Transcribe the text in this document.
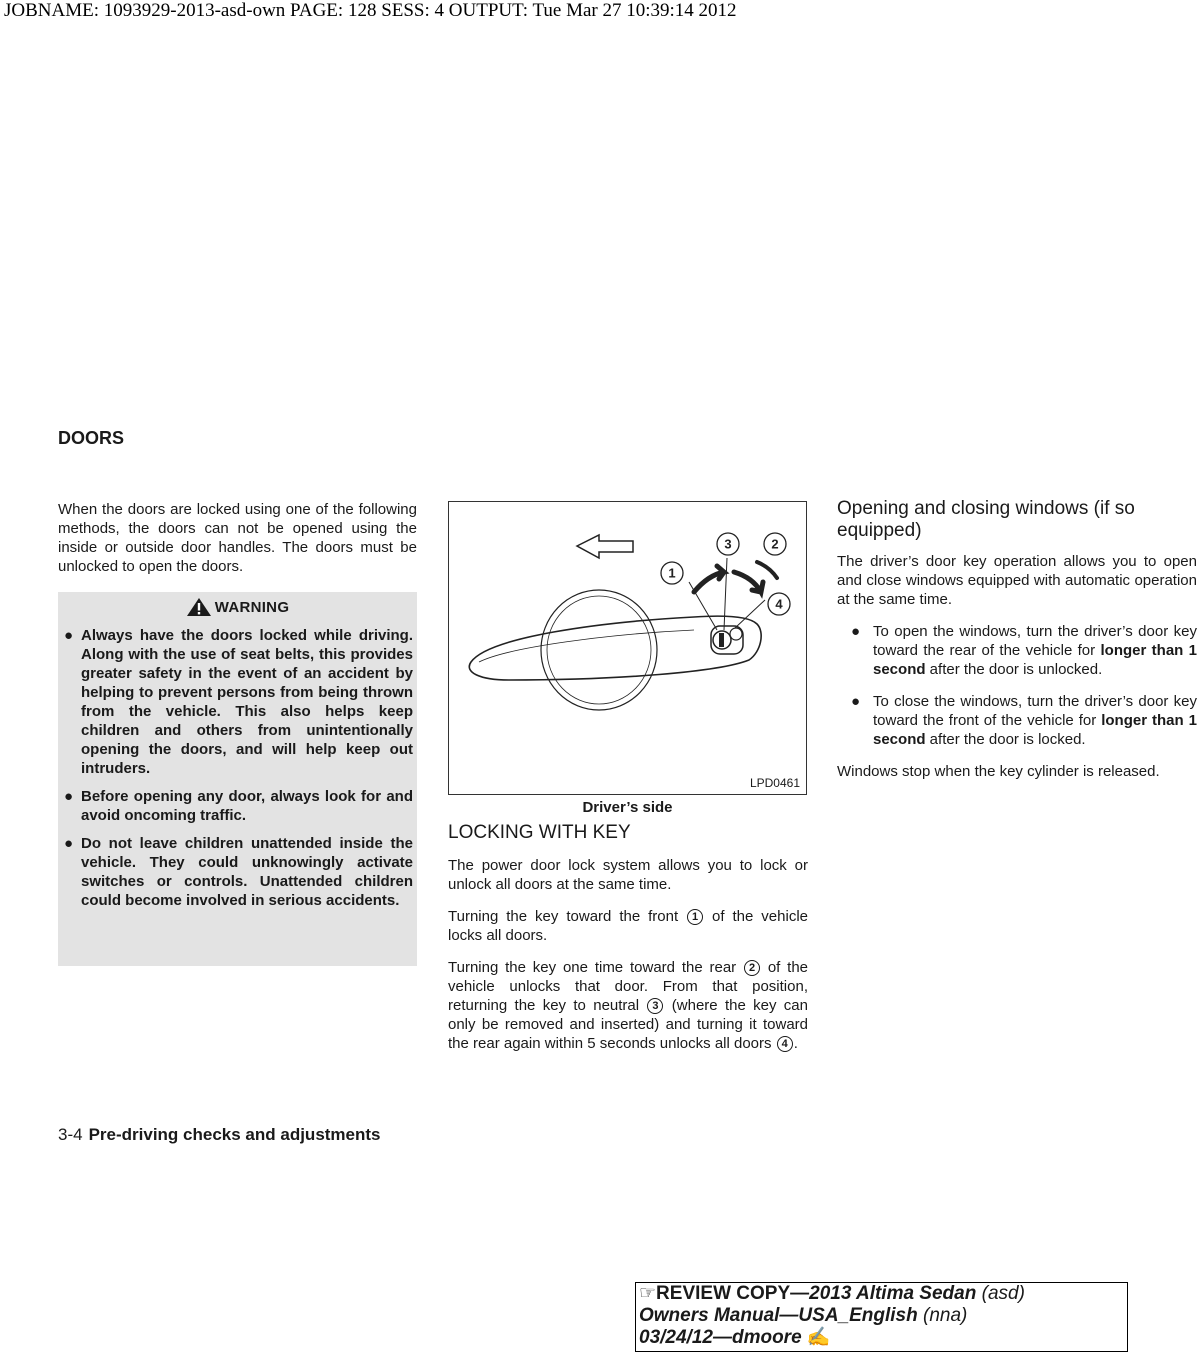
JOBNAME: 1093929-2013-asd-own PAGE: 128 SESS: 4 OUTPUT: Tue Mar 27 10:39:14 2012
DOORS

When the doors are locked using one of the following methods, the doors can not be opened using the inside or outside door handles. The doors must be unlocked to open the doors.

WARNING
● Always have the doors locked while driving. Along with the use of seat belts, this provides greater safety in the event of an accident by helping to prevent persons from being thrown from the vehicle. This also helps keep children and others from unintentionally opening the doors, and will help keep out intruders.
● Before opening any door, always look for and avoid oncoming traffic.
● Do not leave children unattended inside the vehicle. They could unknowingly activate switches or controls. Unattended children could become involved in serious accidents.
1
2
3
4
LPD0461
Driver’s side
LOCKING WITH KEY

The power door lock system allows you to lock or unlock all doors at the same time.

Turning the key toward the front 1 of the vehicle locks all doors.

Turning the key one time toward the rear 2 of the vehicle unlocks that door. From that position, returning the key to neutral 3 (where the key can only be removed and inserted) and turning it toward the rear again within 5 seconds unlocks all doors 4 .

Opening and closing windows (if so equipped)

The driver’s door key operation allows you to open and close windows equipped with automatic operation at the same time.

● To open the windows, turn the driver’s door key toward the rear of the vehicle for longer than 1 second after the door is unlocked.
● To close the windows, turn the driver’s door key toward the front of the vehicle for longer than 1 second after the door is locked.

Windows stop when the key cylinder is released.

3-4 Pre-driving checks and adjustments
☞REVIEW COPY—2013 Altima Sedan (asd)
Owners Manual—USA_English (nna)
03/24/12—dmoore ✍
